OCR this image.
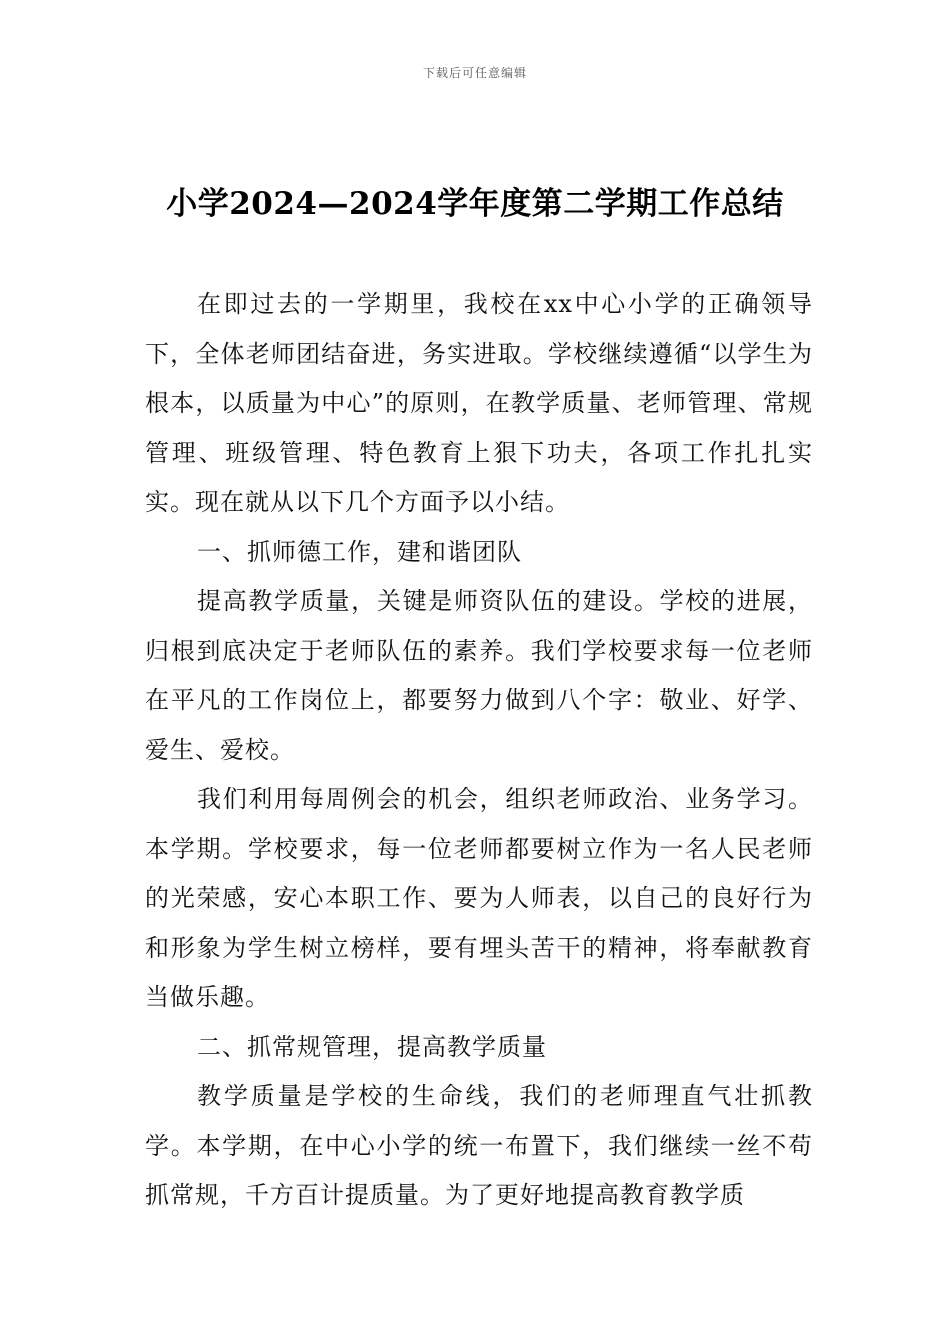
下载后可任意编辑
小学2024—2024学年度第二学期工作总结

在即过去的一学期里，我校在xx中心小学的正确领导下，全体老师团结奋进，务实进取。学校继续遵循“以学生为根本，以质量为中心”的原则，在教学质量、老师管理、常规管理、班级管理、特色教育上狠下功夫，各项工作扎扎实实。现在就从以下几个方面予以小结。

一、抓师德工作，建和谐团队

提高教学质量，关键是师资队伍的建设。学校的进展，归根到底决定于老师队伍的素养。我们学校要求每一位老师在平凡的工作岗位上，都要努力做到八个字：敬业、好学、爱生、爱校。

我们利用每周例会的机会，组织老师政治、业务学习。本学期。学校要求，每一位老师都要树立作为一名人民老师的光荣感，安心本职工作、要为人师表，以自己的良好行为和形象为学生树立榜样，要有埋头苦干的精神，将奉献教育当做乐趣。

二、抓常规管理，提高教学质量

教学质量是学校的生命线，我们的老师理直气壮抓教学。本学期，在中心小学的统一布置下，我们继续一丝不苟抓常规，千方百计提质量。为了更好地提高教育教学质
